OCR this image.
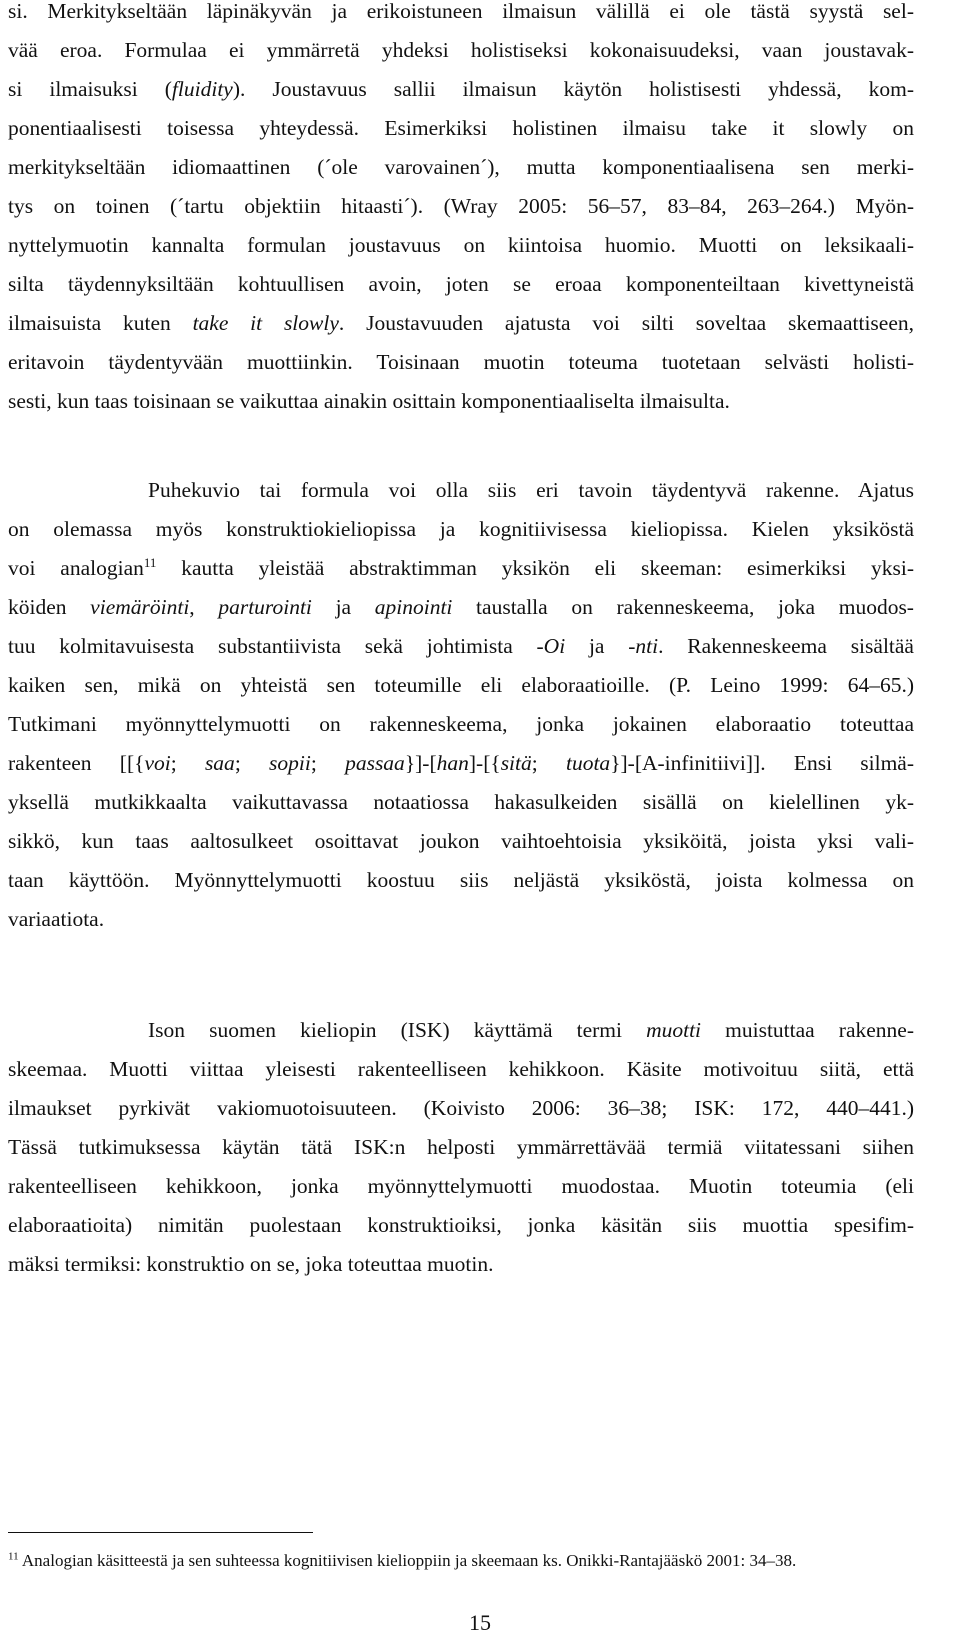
si. Merkitykseltään läpinäkyvän ja erikoistuneen ilmaisun välillä ei ole tästä syystä sel-
vää eroa. Formulaa ei ymmärretä yhdeksi holistiseksi kokonaisuudeksi, vaan joustavak-
si ilmaisuksi (fluidity). Joustavuus sallii ilmaisun käytön holistisesti yhdessä, kom-
ponentiaalisesti toisessa yhteydessä. Esimerkiksi holistinen ilmaisu take it slowly on
merkitykseltään idiomaattinen (´ole varovainen´), mutta komponentiaalisena sen merki-
tys on toinen (´tartu objektiin hitaasti´). (Wray 2005: 56–57, 83–84, 263–264.) Myön-
nyttelymuotin kannalta formulan joustavuus on kiintoisa huomio. Muotti on leksikaali-
silta täydennyksiltään kohtuullisen avoin, joten se eroaa komponenteiltaan kivettyneistä
ilmaisuista kuten take it slowly. Joustavuuden ajatusta voi silti soveltaa skemaattiseen,
eritavoin täydentyvään muottiinkin. Toisinaan muotin toteuma tuotetaan selvästi holisti-
sesti, kun taas toisinaan se vaikuttaa ainakin osittain komponentiaaliselta ilmaisulta.
Puhekuvio tai formula voi olla siis eri tavoin täydentyvä rakenne. Ajatus
on olemassa myös konstruktiokieliopissa ja kognitiivisessa kieliopissa. Kielen yksiköstä
voi analogian$^{11}$ kautta yleistää abstraktimman yksikön eli skeeman: esimerkiksi yksi-
köiden viemäröinti, parturointi ja apinointi taustalla on rakenneskeema, joka muodos-
tuu kolmitavuisesta substantiivista sekä johtimista -Oi ja -nti. Rakenneskeema sisältää
kaiken sen, mikä on yhteistä sen toteumille eli elaboraatioille. (P. Leino 1999: 64–65.)
Tutkimani myönnyttelymuotti on rakenneskeema, jonka jokainen elaboraatio toteuttaa
rakenteen [[{voi; saa; sopii; passaa}]-[han]-[{sitä; tuota}]-[A-infinitiivi]]. Ensi silmä-
yksellä mutkikkaalta vaikuttavassa notaatiossa hakasulkeiden sisällä on kielellinen yk-
sikkö, kun taas aaltosulkeet osoittavat joukon vaihtoehtoisia yksiköitä, joista yksi vali-
taan käyttöön. Myönnyttelymuotti koostuu siis neljästä yksiköstä, joista kolmessa on
variaatiota.
Ison suomen kieliopin (ISK) käyttämä termi muotti muistuttaa rakenne-
skeemaa. Muotti viittaa yleisesti rakenteelliseen kehikkoon. Käsite motivoituu siitä, että
ilmaukset pyrkivät vakiomuotoisuuteen. (Koivisto 2006: 36–38; ISK: 172, 440–441.)
Tässä tutkimuksessa käytän tätä ISK:n helposti ymmärrettävää termiä viitatessani siihen
rakenteelliseen kehikkoon, jonka myönnyttelymuotti muodostaa. Muotin toteumia (eli
elaboraatioita) nimitän puolestaan konstruktioiksi, jonka käsitän siis muottia spesifim-
mäksi termiksi: konstruktio on se, joka toteuttaa muotin.
$^{11}$ Analogian käsitteestä ja sen suhteessa kognitiivisen kielioppiin ja skeemaan ks. Onikki-Rantajääskö 2001: 34–38.
15
